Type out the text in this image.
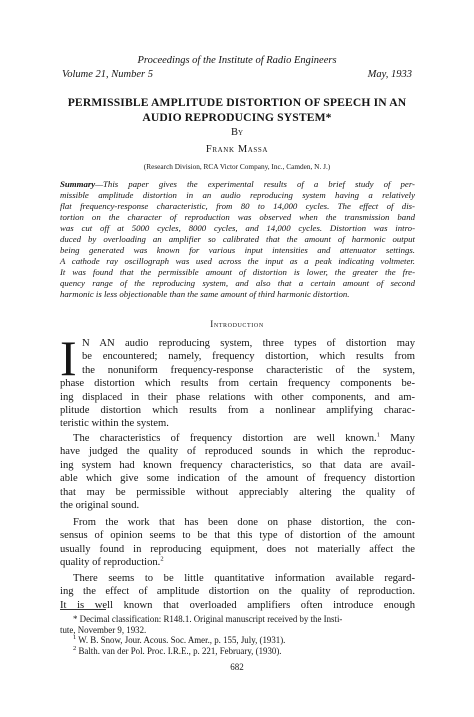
Proceedings of the Institute of Radio Engineers
Volume 21, Number 5	May, 1933
PERMISSIBLE AMPLITUDE DISTORTION OF SPEECH IN AN
AUDIO REPRODUCING SYSTEM*
By
Frank Massa
(Research Division, RCA Victor Company, Inc., Camden, N. J.)
Summary—This paper gives the experimental results of a brief study of per-
missible amplitude distortion in an audio reproducing system having a relatively
flat frequency-response characteristic, from 80 to 14,000 cycles. The effect of dis-
tortion on the character of reproduction was observed when the transmission band
was cut off at 5000 cycles, 8000 cycles, and 14,000 cycles. Distortion was intro-
duced by overloading an amplifier so calibrated that the amount of harmonic output
being generated was known for various input intensities and attenuator settings.
A cathode ray oscillograph was used across the input as a peak indicating voltmeter.
It was found that the permissible amount of distortion is lower, the greater the fre-
quency range of the reproducing system, and also that a certain amount of second
harmonic is less objectionable than the same amount of third harmonic distortion.
Introduction
I N AN audio reproducing system, three types of distortion may
be encountered; namely, frequency distortion, which results from
the nonuniform frequency-response characteristic of the system,
phase distortion which results from certain frequency components be-
ing displaced in their phase relations with other components, and am-
plitude distortion which results from a nonlinear amplifying charac-
teristic within the system.
The characteristics of frequency distortion are well known.$^1$ Many
have judged the quality of reproduced sounds in which the reproduc-
ing system had known frequency characteristics, so that data are avail-
able which give some indication of the amount of frequency distortion
that may be permissible without appreciably altering the quality of
the original sound.
From the work that has been done on phase distortion, the con-
sensus of opinion seems to be that this type of distortion of the amount
usually found in reproducing equipment, does not materially affect the
quality of reproduction.$^2$
There seems to be little quantitative information available regard-
ing the effect of amplitude distortion on the quality of reproduction.
It is well known that overloaded amplifiers often introduce enough
* Decimal classification: R148.1. Original manuscript received by the Insti-
tute, November 9, 1932.
$^1$ W. B. Snow, Jour. Acous. Soc. Amer., p. 155, July, (1931).
$^2$ Balth. van der Pol. Proc. I.R.E., p. 221, February, (1930).
682
